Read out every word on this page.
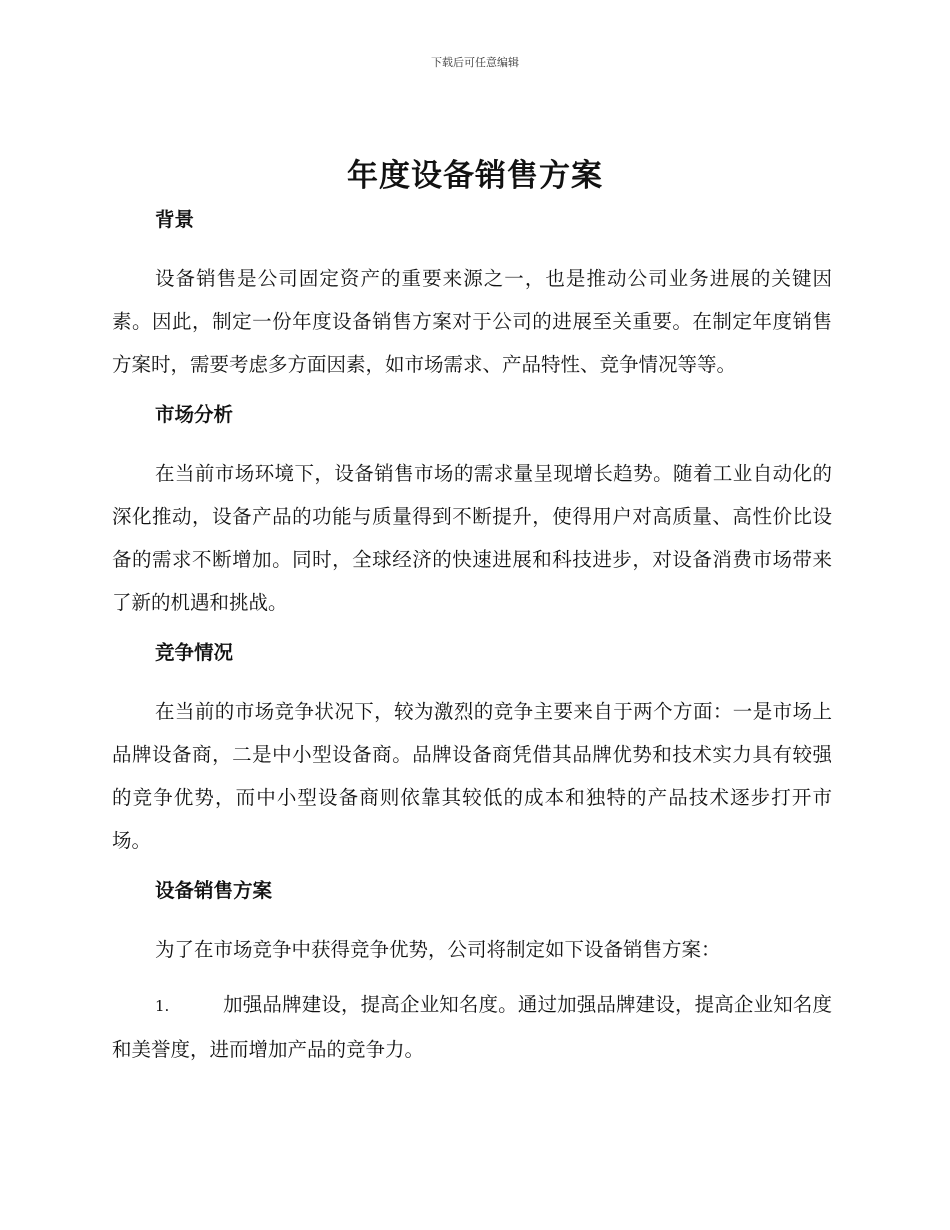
下载后可任意编辑
年度设备销售方案
背景

设备销售是公司固定资产的重要来源之一，也是推动公司业务进展的关键因素。因此，制定一份年度设备销售方案对于公司的进展至关重要。在制定年度销售方案时，需要考虑多方面因素，如市场需求、产品特性、竞争情况等等。

市场分析

在当前市场环境下，设备销售市场的需求量呈现增长趋势。随着工业自动化的深化推动，设备产品的功能与质量得到不断提升，使得用户对高质量、高性价比设备的需求不断增加。同时，全球经济的快速进展和科技进步，对设备消费市场带来了新的机遇和挑战。

竞争情况

在当前的市场竞争状况下，较为激烈的竞争主要来自于两个方面：一是市场上品牌设备商，二是中小型设备商。品牌设备商凭借其品牌优势和技术实力具有较强的竞争优势，而中小型设备商则依靠其较低的成本和独特的产品技术逐步打开市场。

设备销售方案

为了在市场竞争中获得竞争优势，公司将制定如下设备销售方案：

1.	加强品牌建设，提高企业知名度。通过加强品牌建设，提高企业知名度和美誉度，进而增加产品的竞争力。
